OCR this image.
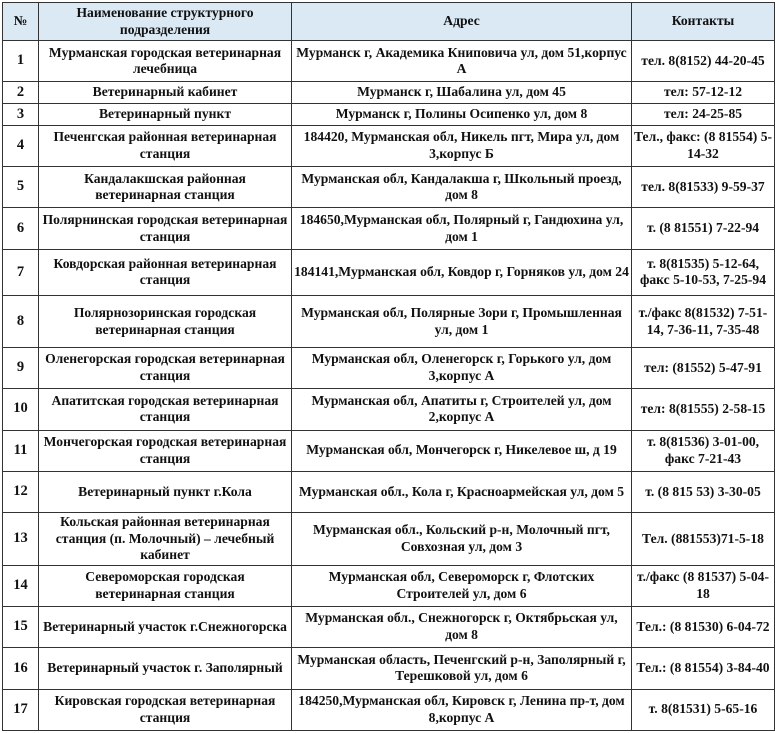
№	Наименование структурного подразделения	Адрес	Контакты
1	Мурманская городская ветеринарная лечебница	Мурманск г, Академика Книповича ул, дом 51,корпус А	тел. 8(8152) 44-20-45
2	Ветеринарный кабинет	Мурманск г, Шабалина ул, дом 45	тел: 57-12-12
3	Ветеринарный пункт	Мурманск г, Полины Осипенко ул, дом 8	тел: 24-25-85
4	Печенгская районная ветеринарная станция	184420, Мурманская обл, Никель пгт, Мира ул, дом 3,корпус Б	Тел., факс: (8 81554) 5-14-32
5	Кандалакшская районная ветеринарная станция	Мурманская обл, Кандалакша г, Школьный проезд, дом 8	тел. 8(81533) 9-59-37
6	Полярнинская городская ветеринарная станция	184650,Мурманская обл, Полярный г, Гандюхина ул, дом 1	т. (8 81551) 7-22-94
7	Ковдорская районная ветеринарная станция	184141,Мурманская обл, Ковдор г, Горняков ул, дом 24	т. 8(81535) 5-12-64, факс 5-10-53, 7-25-94
8	Полярнозоринская городская ветеринарная станция	Мурманская обл, Полярные Зори г, Промышленная ул, дом 1	т./факс 8(81532) 7-51-14, 7-36-11, 7-35-48
9	Оленегорская городская ветеринарная станция	Мурманская обл, Оленегорск г, Горького ул, дом 3,корпус А	тел: (81552) 5-47-91
10	Апатитская городская ветеринарная станция	Мурманская обл, Апатиты г, Строителей ул, дом 2,корпус А	тел: 8(81555) 2-58-15
11	Мончегорская городская ветеринарная станция	Мурманская обл, Мончегорск г, Никелевое ш, д 19	т. 8(81536) 3-01-00, факс 7-21-43
12	Ветеринарный пункт г.Кола	Мурманская обл., Кола г, Красноармейская ул, дом 5	т. (8 815 53) 3-30-05
13	Кольская районная ветеринарная станция (п. Молочный) – лечебный кабинет	Мурманская обл., Кольский р-н, Молочный пгт, Совхозная ул, дом 3	Тел. (881553)71-5-18
14	Североморская городская ветеринарная станция	Мурманская обл, Североморск г, Флотских Строителей ул, дом 6	т./факс (8 81537) 5-04-18
15	Ветеринарный участок г.Снежногорска	Мурманская обл., Снежногорск г, Октябрьская ул, дом 8	Тел.: (8 81530) 6-04-72
16	Ветеринарный участок г. Заполярный	Мурманская область, Печенгский р-н, Заполярный г, Терешковой ул, дом 6	Тел.: (8 81554) 3-84-40
17	Кировская городская ветеринарная станция	184250,Мурманская обл, Кировск г, Ленина пр-т, дом 8,корпус А	т. 8(81531) 5-65-16
